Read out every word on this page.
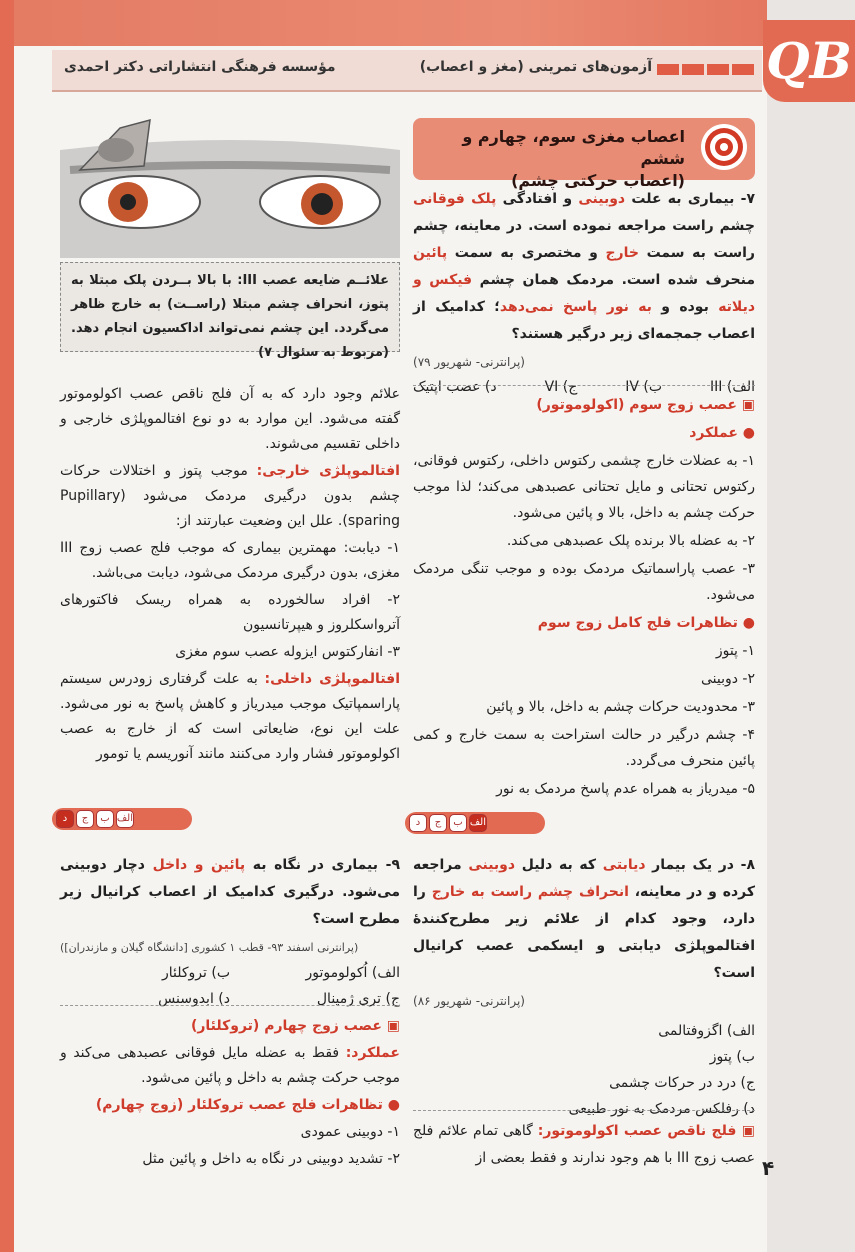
QB
مؤسسه فرهنگی انتشاراتی دکتر احمدی	آزمون‌های تمرینی (مغز و اعصاب)
اعصاب مغزی سوم، چهارم و ششم
(اعصاب حرکتی چشم)
علائــم ضایعه عصب III: با بالا بــردن پلک مبتلا به پتوز، انحراف چشم مبتلا (راســت) به خارج ظاهر می‌گردد. این چشم نمی‌تواند اداکسیون انجام دهد. (مربوط به سئوال ۷)

۷- بیماری به علت دوبینی و افتادگی پلک فوقانی چشم راست مراجعه نموده است. در معاینه، چشم راست به سمت خارج و مختصری به سمت پائین منحرف شده است. مردمک همان چشم فیکس و دیلاته بوده و به نور پاسخ نمی‌دهد؛ کدامیک از اعصاب جمجمه‌ای زیر درگیر هستند؟

(پرانترنی- شهریور ۷۹)
الف) III
ب) IV
ج) VI
د) عصب اپتیک

▣ عصب زوج سوم (اکولوموتور)

● عملکرد

۱- به عضلات خارج چشمی رکتوس داخلی، رکتوس فوقانی، رکتوس تحتانی و مایل تحتانی عصبدهی می‌کند؛ لذا موجب حرکت چشم به داخل، بالا و پائین می‌شود.

۲- به عضله بالا برنده پلک عصبدهی می‌کند.

۳- عصب پاراسماتیک مردمک بوده و موجب تنگی مردمک می‌شود.

● تظاهرات فلج کامل زوج سوم

۱- پتوز

۲- دوبینی

۳- محدودیت حرکات چشم به داخل، بالا و پائین

۴- چشم درگیر در حالت استراحت به سمت خارج و کمی پائین منحرف می‌گردد.

۵- میدریاز به همراه عدم پاسخ مردمک به نور

الف
ب
ج
د

علائم وجود دارد که به آن فلج ناقص عصب اکولوموتور گفته می‌شود. این موارد به دو نوع افتالموپلژی خارجی و داخلی تقسیم می‌شوند.

افتالموپلژی خارجی: موجب پتوز و اختلالات حرکات چشم بدون درگیری مردمک می‌شود (Pupillary sparing). علل این وضعیت عبارتند از:

۱- دیابت: مهمترین بیماری که موجب فلج عصب زوج III مغزی، بدون درگیری مردمک می‌شود، دیابت می‌باشد.

۲- افراد سالخورده به همراه ریسک فاکتورهای آترواسکلروز و هیپرتانسیون

۳- انفارکتوس ایزوله عصب سوم مغزی

افتالموپلژی داخلی: به علت گرفتاری زودرس سیستم پاراسمپاتیک موجب میدریاز و کاهش پاسخ به نور می‌شود. علت این نوع، ضایعاتی است که از خارج به عصب اکولوموتور فشار وارد می‌کنند مانند آنوریسم یا تومور

الف
ب
ج
د

۸- در یک بیمار دیابتی که به دلیل دوبینی مراجعه کرده و در معاینه، انحراف چشم راست به خارج را دارد، وجود کدام از علائم زیر مطرح‌کنندهٔ افتالموپلژی دیابتی و ایسکمی عصب کرانیال است؟

(پرانترنی- شهریور ۸۶)
الف) اگزوفتالمی
ب) پتوز
ج) درد در حرکات چشمی
د) رفلکس مردمک به نور طبیعی

▣ فلج ناقص عصب اکولوموتور: گاهی تمام علائم فلج عصب زوج III با هم وجود ندارند و فقط بعضی از

۹- بیماری در نگاه به پائین و داخل دچار دوبینی می‌شود. درگیری کدامیک از اعصاب کرانیال زیر مطرح است؟

(پرانترنی اسفند ۹۳- قطب ۱ کشوری [دانشگاه گیلان و مازندران])
الف) اُکولوموتور
ب) تروکلئار
ج) تری ژمینال
د) ابدوسنس

▣ عصب زوج چهارم (تروکلئار)

عملکرد: فقط به عضله مایل فوقانی عصبدهی می‌کند و موجب حرکت چشم به داخل و پائین می‌شود.

● تظاهرات فلج عصب تروکلئار (زوج چهارم)

۱- دوبینی عمودی

۲- تشدید دوبینی در نگاه به داخل و پائین مثل	۴
